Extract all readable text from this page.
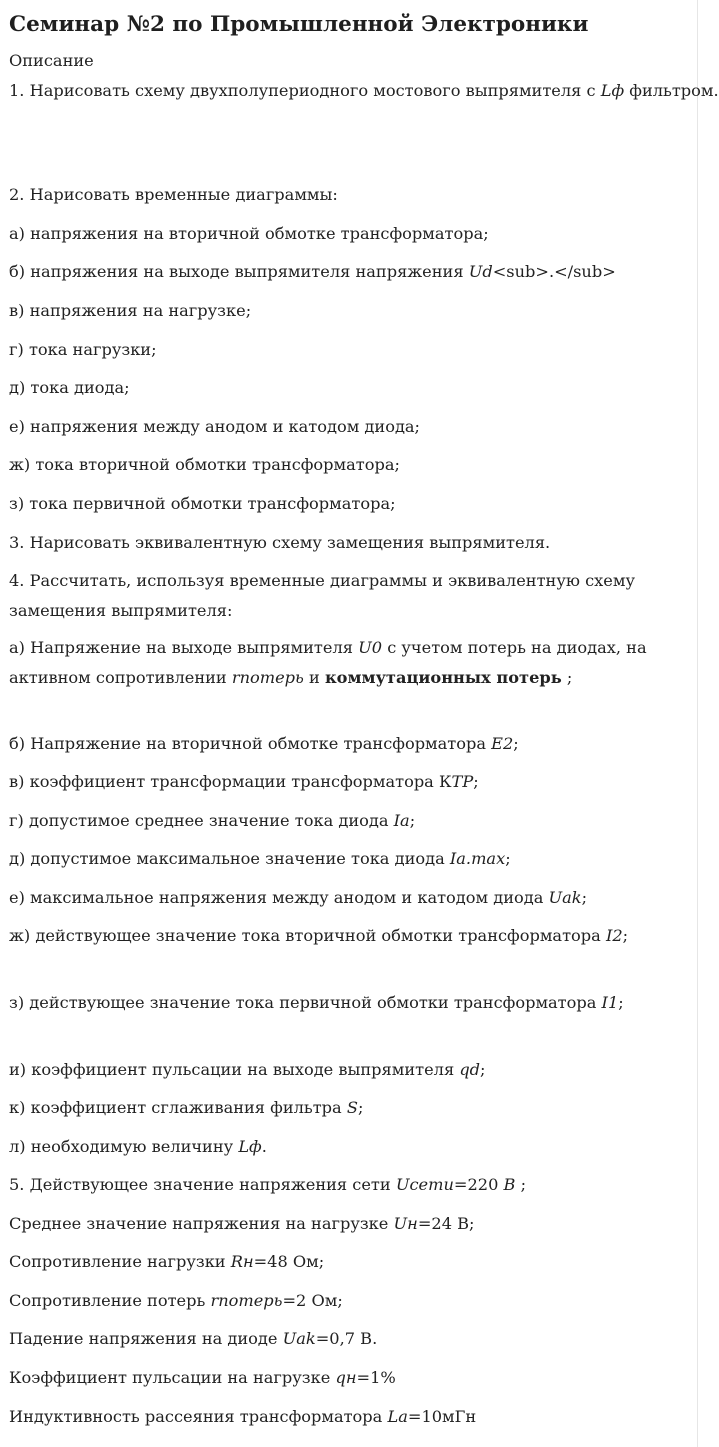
Семинар №2 по Промышленной Электроники
Описание

1. Нарисовать схему двухполупериодного мостового выпрямителя с Lф фильтром.

2. Нарисовать временные диаграммы:

а) напряжения на вторичной обмотке трансформатора;

б) напряжения на выходе выпрямителя напряжения Ud<sub>.</sub>

в) напряжения на нагрузке;

г) тока нагрузки;

д) тока диода;

е) напряжения между анодом и катодом диода;

ж) тока вторичной обмотки трансформатора;

з) тока первичной обмотки трансформатора;

3. Нарисовать эквивалентную схему замещения выпрямителя.

4. Рассчитать, используя временные диаграммы и эквивалентную схему замещения выпрямителя:

а) Напряжение на выходе выпрямителя U0 с учетом потерь на диодах, на активном сопротивлении rпотерь и коммутационных потерь ;

б) Напряжение на вторичной обмотке трансформатора E2;

в) коэффициент трансформации трансформатора КТР;

г) допустимое среднее значение тока диода Ia;

д) допустимое максимальное значение тока диода Ia.max;

е) максимальное напряжения между анодом и катодом диода Uak;

ж) действующее значение тока вторичной обмотки трансформатора I2;

з) действующее значение тока первичной обмотки трансформатора I1;

и) коэффициент пульсации на выходе выпрямителя qd;

к) коэффициент сглаживания фильтра S;

л) необходимую величину Lф.

5. Действующее значение напряжения сети Uсети=220 В ;

Среднее значение напряжения на нагрузке Uн=24 В;

Сопротивление нагрузки Rн=48 Ом;

Сопротивление потерь rпотерь=2 Ом;

Падение напряжения на диоде Uak=0,7 В.

Коэффициент пульсации на нагрузке qн=1%

Индуктивность рассеяния трансформатора La=10мГн
